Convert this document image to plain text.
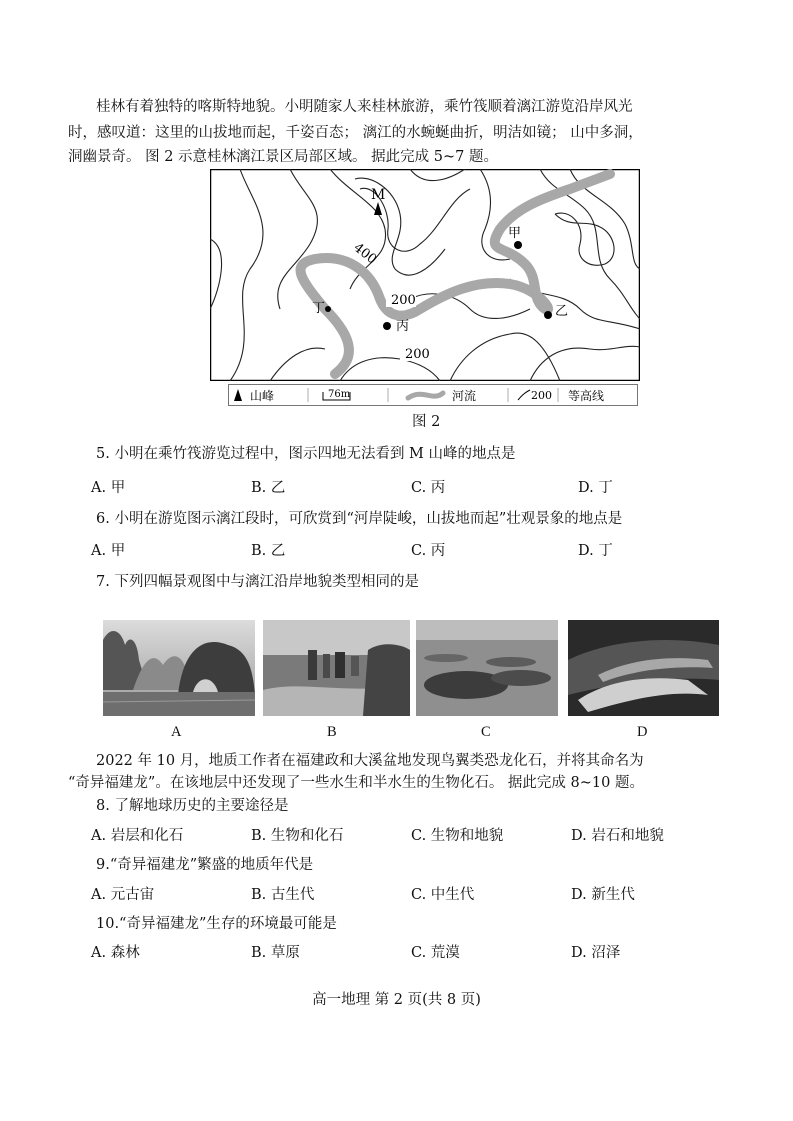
桂林有着独特的喀斯特地貌。小明随家人来桂林旅游，乘竹筏顺着漓江游览沿岸风光
时，感叹道：这里的山拔地而起，千姿百态； 漓江的水蜿蜒曲折，明洁如镜； 山中多洞，
洞幽景奇。 图 2 示意桂林漓江景区局部区域。 据此完成 5~7 题。
M
400
200
200
甲
乙
丙
丁
山峰	76m	河流	200 等高线
图 2
5. 小明在乘竹筏游览过程中，图示四地无法看到 M 山峰的地点是
A. 甲	B. 乙	C. 丙	D. 丁
6. 小明在游览图示漓江段时，可欣赏到“河岸陡峻，山拔地而起”壮观景象的地点是
A. 甲	B. 乙	C. 丙	D. 丁
7. 下列四幅景观图中与漓江沿岸地貌类型相同的是
A	B	C	D
2022 年 10 月，地质工作者在福建政和大溪盆地发现鸟翼类恐龙化石，并将其命名为
“奇异福建龙”。在该地层中还发现了一些水生和半水生的生物化石。 据此完成 8~10 题。
8. 了解地球历史的主要途径是
A. 岩层和化石	B. 生物和化石	C. 生物和地貌	D. 岩石和地貌
9.“奇异福建龙”繁盛的地质年代是
A. 元古宙	B. 古生代	C. 中生代	D. 新生代
10.“奇异福建龙”生存的环境最可能是
A. 森林	B. 草原	C. 荒漠	D. 沼泽
高一地理 第 2 页(共 8 页)
